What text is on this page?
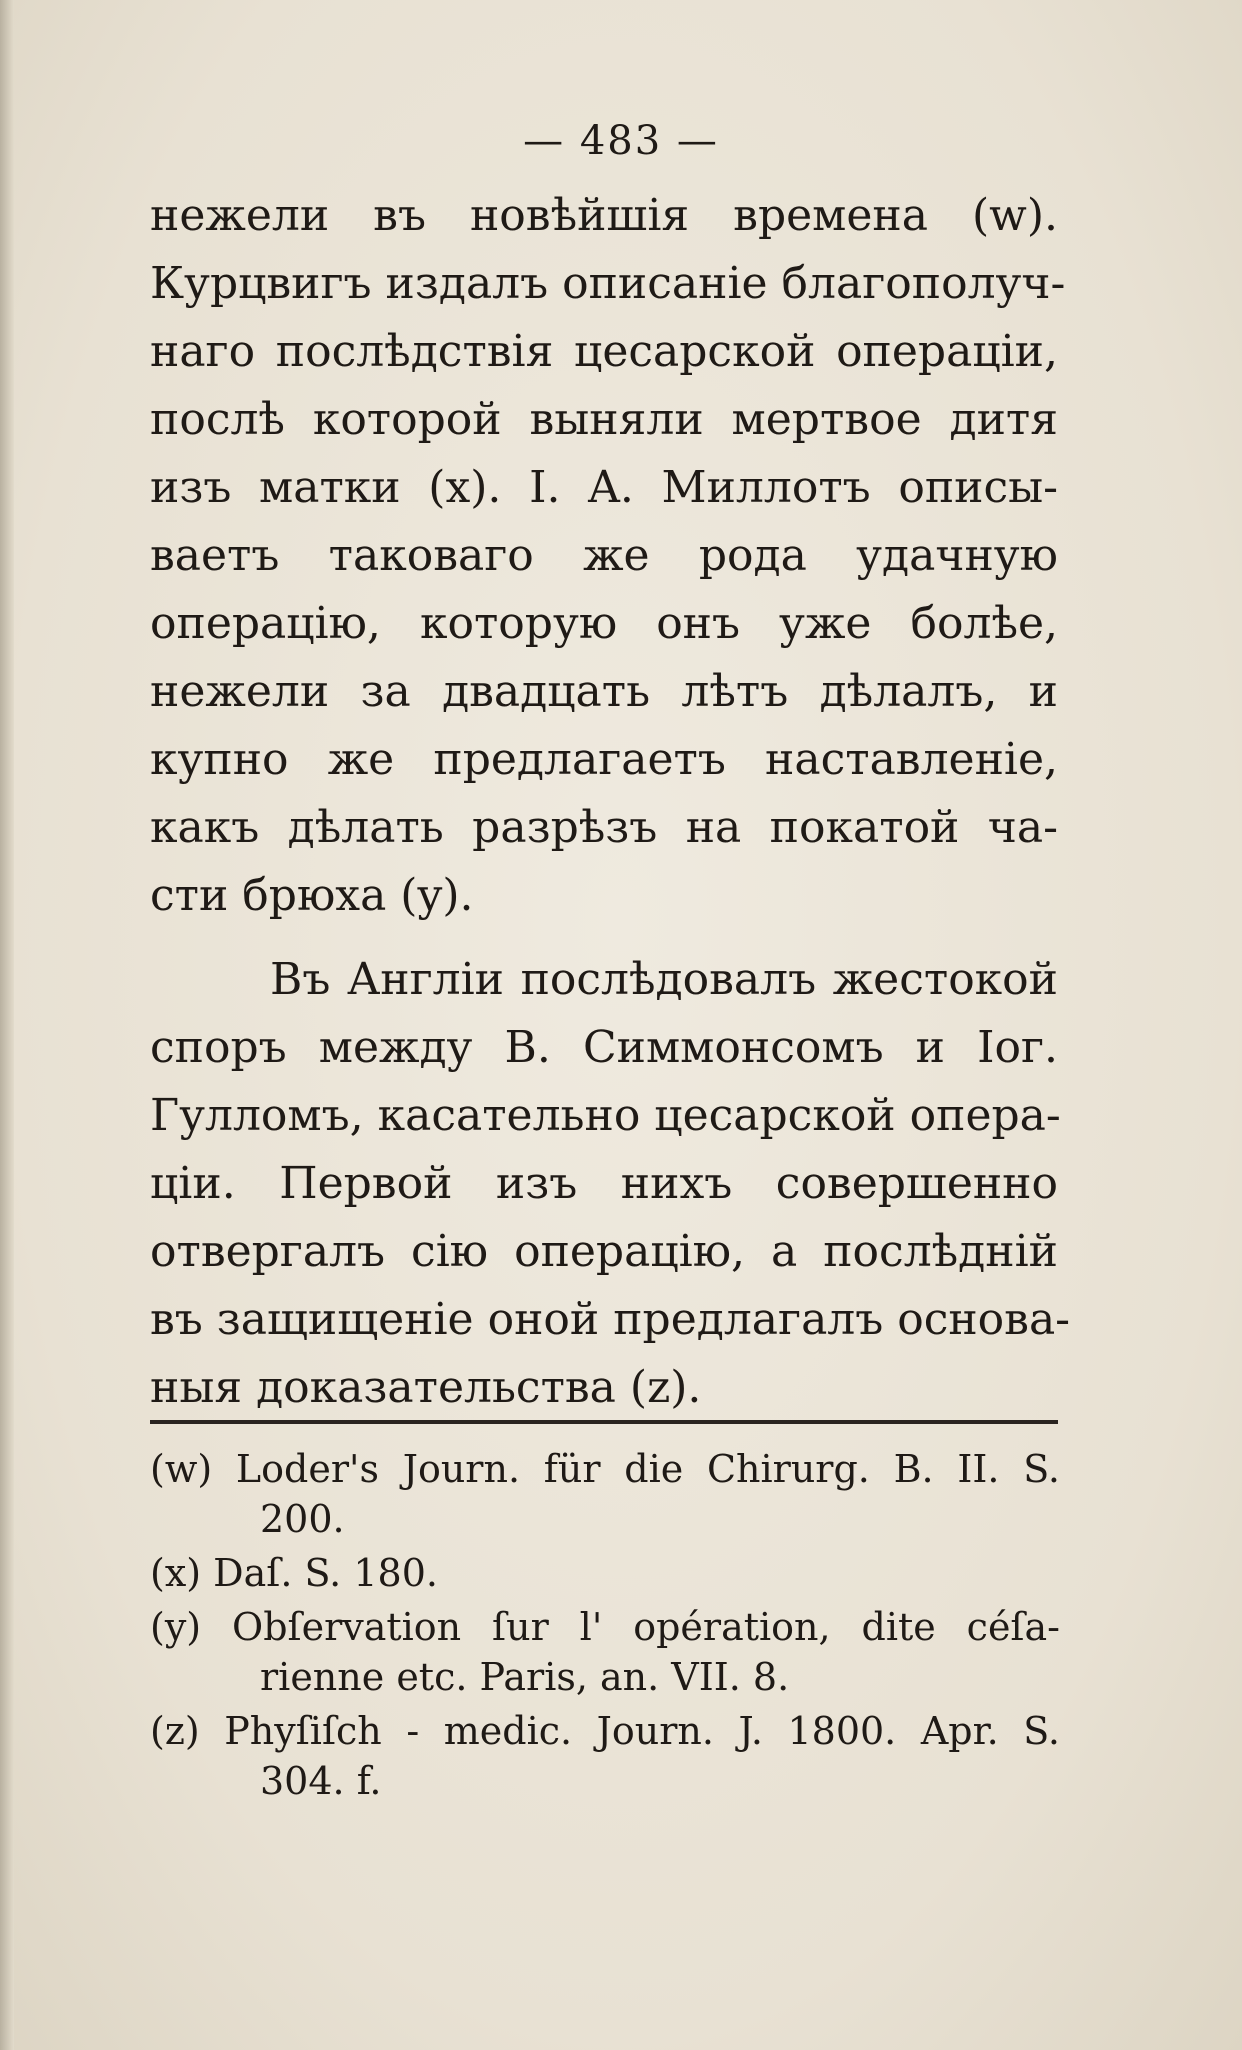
— 483 —
нежели въ новѣйшія времена (w).
Курцвигъ издалъ описаніе благополуч-
наго послѣдствія цесарской операціи,
послѣ которой выняли мертвое дитя
изъ матки (x). I. A. Миллотъ описы-
ваетъ таковаго же рода удачную
операцію, которую онъ уже болѣе,
нежели за двадцать лѣтъ дѣлалъ, и
купно же предлагаетъ наставленіе,
какъ дѣлать разрѣзъ на покатой ча-
сти брюха (y).
Въ Англіи послѣдовалъ жестокой
споръ между В. Симмонсомъ и Іог.
Гулломъ, касательно цесарской опера-
ціи. Первой изъ нихъ совершенно
отвергалъ сію операцію, а послѣдній
въ защищеніе оной предлагалъ основа-
ныя доказательства (z).
(w) Loder's Journ. für die Chirurg. B. II. S.
200.
(x) Daſ. S. 180.
(y) Obſervation ſur l' opération, dite céſa-
rienne etc. Paris, an. VII. 8.
(z) Phyſiſch - medic. Journ. J. 1800. Apr. S.
304. f.
